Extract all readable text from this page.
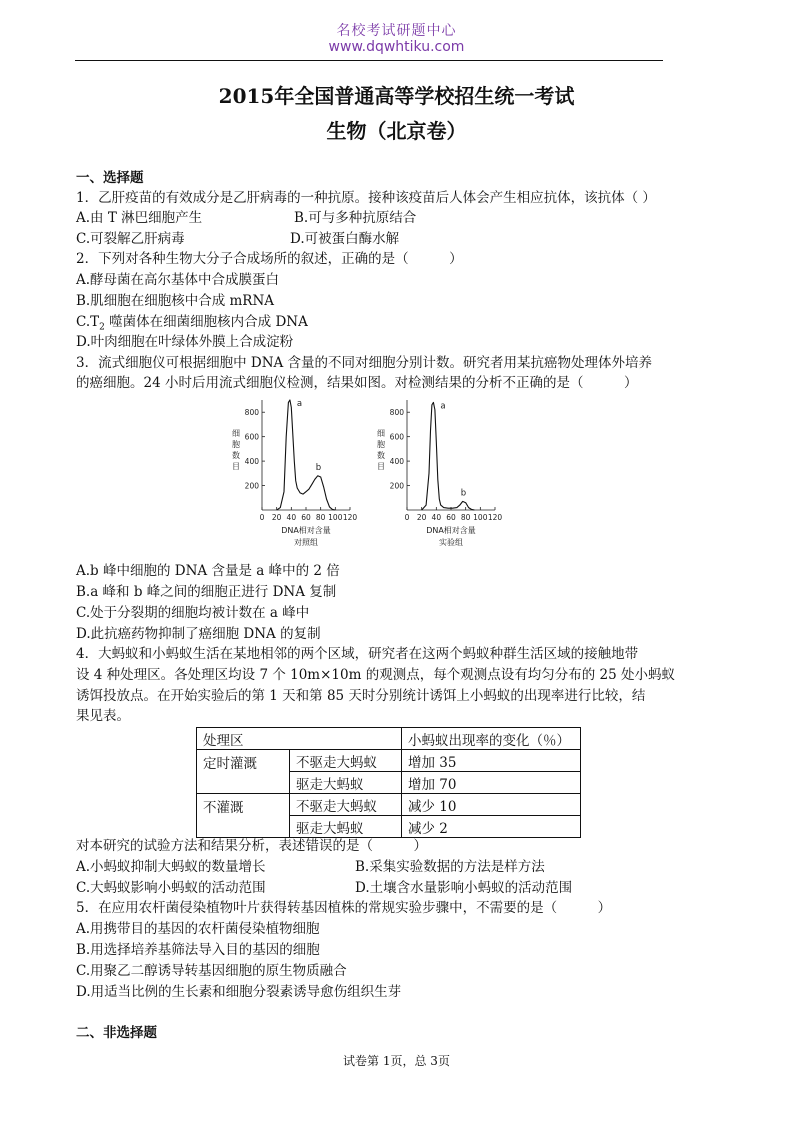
名校考试研题中心
www.dqwhtiku.com
2015年全国普通高等学校招生统一考试
生物（北京卷）
一、选择题
1．乙肝疫苗的有效成分是乙肝病毒的一种抗原。接种该疫苗后人体会产生相应抗体，该抗体（ ）
A.由 T 淋巴细胞产生	B.可与多种抗原结合
C.可裂解乙肝病毒	D.可被蛋白酶水解
2．下列对各种生物大分子合成场所的叙述，正确的是（　　　）
A.酵母菌在高尔基体中合成膜蛋白
B.肌细胞在细胞核中合成 mRNA
$C.T_2$ 噬菌体在细菌细胞核内合成 DNA
D.叶肉细胞在叶绿体外膜上合成淀粉
3．流式细胞仪可根据细胞中 DNA 含量的不同对细胞分别计数。研究者用某抗癌物处理体外培养
的癌细胞。24 小时后用流式细胞仪检测，结果如图。对检测结果的分析不正确的是（　　　）
200
400
600
800
0 20 40 60 80 100 120
细胞数目
DNA相对含量
对照组
a
b
200
400
600
800
0 20 40 60 80 100 120
细胞数目
DNA相对含量
实验组
a
b
A.b 峰中细胞的 DNA 含量是 a 峰中的 2 倍
B.a 峰和 b 峰之间的细胞正进行 DNA 复制
C.处于分裂期的细胞均被计数在 a 峰中
D.此抗癌药物抑制了癌细胞 DNA 的复制
4．大蚂蚁和小蚂蚁生活在某地相邻的两个区域，研究者在这两个蚂蚁种群生活区域的接触地带
设 4 种处理区。各处理区均设 7 个 10m×10m 的观测点，每个观测点设有均匀分布的 25 处小蚂蚁
诱饵投放点。在开始实验后的第 1 天和第 85 天时分别统计诱饵上小蚂蚁的出现率进行比较，结
果见表。
处理区		小蚂蚁出现率的变化（％）
定时灌溉	不驱走大蚂蚁	增加 35
	驱走大蚂蚁	增加 70
不灌溉	不驱走大蚂蚁	减少 10
	驱走大蚂蚁	减少 2
对本研究的试验方法和结果分析，表述错误的是（　　　）
A.小蚂蚁抑制大蚂蚁的数量增长	B.采集实验数据的方法是样方法
C.大蚂蚁影响小蚂蚁的活动范围	D.土壤含水量影响小蚂蚁的活动范围
5．在应用农杆菌侵染植物叶片获得转基因植株的常规实验步骤中，不需要的是（　　　）
A.用携带目的基因的农杆菌侵染植物细胞
B.用选择培养基筛法导入目的基因的细胞
C.用聚乙二醇诱导转基因细胞的原生物质融合
D.用适当比例的生长素和细胞分裂素诱导愈伤组织生芽
二、非选择题
试卷第 1页，总 3页
